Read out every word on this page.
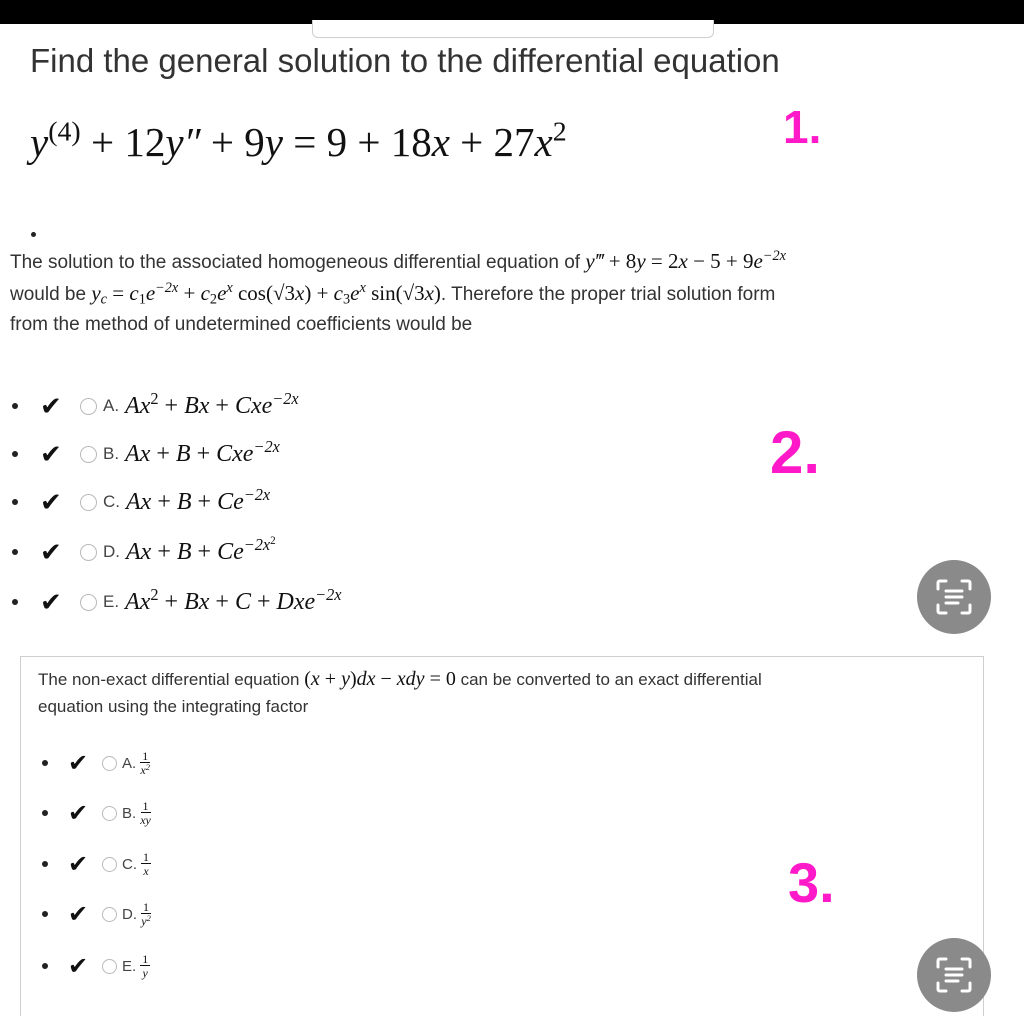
Find the general solution to the differential equation
$y^{(4)} + 12y'' + 9y = 9 + 18x + 27x^2$	1.
The solution to the associated homogeneous differential equation of y‴ + $8y = 2x - 5 + 9e^{-2x}$
would be $y_c = c_1e^{-2x} + c_2e^x$ $\cos(√3x) + c_3e^x$ sin(√3x). Therefore the proper trial solution form
from the method of undetermined coefficients would be
2.
✔	A. $Ax^2 + Bx + Cxe^{-2x}$
✔	B. Ax + B + Cxe$^{-2x}$
✔	C. $Ax + B + Ce^{-2x}$
✔	D. $Ax + B + Ce^{-2x^2}$
✔	E. $Ax^2 + Bx + C + Dxe^{-2x}$
The non-exact differential equation (x + y)dx − xdy = 0 can be converted to an exact differential
equation using the integrating factor
3.
✔	A. $\frac{1}{x^2}$
✔	B. $\frac{1}{xy}$
✔	C. $\frac{1}{x}$
✔	D. $\frac{1}{y^2}$
✔	E. $\frac{1}{y}$
